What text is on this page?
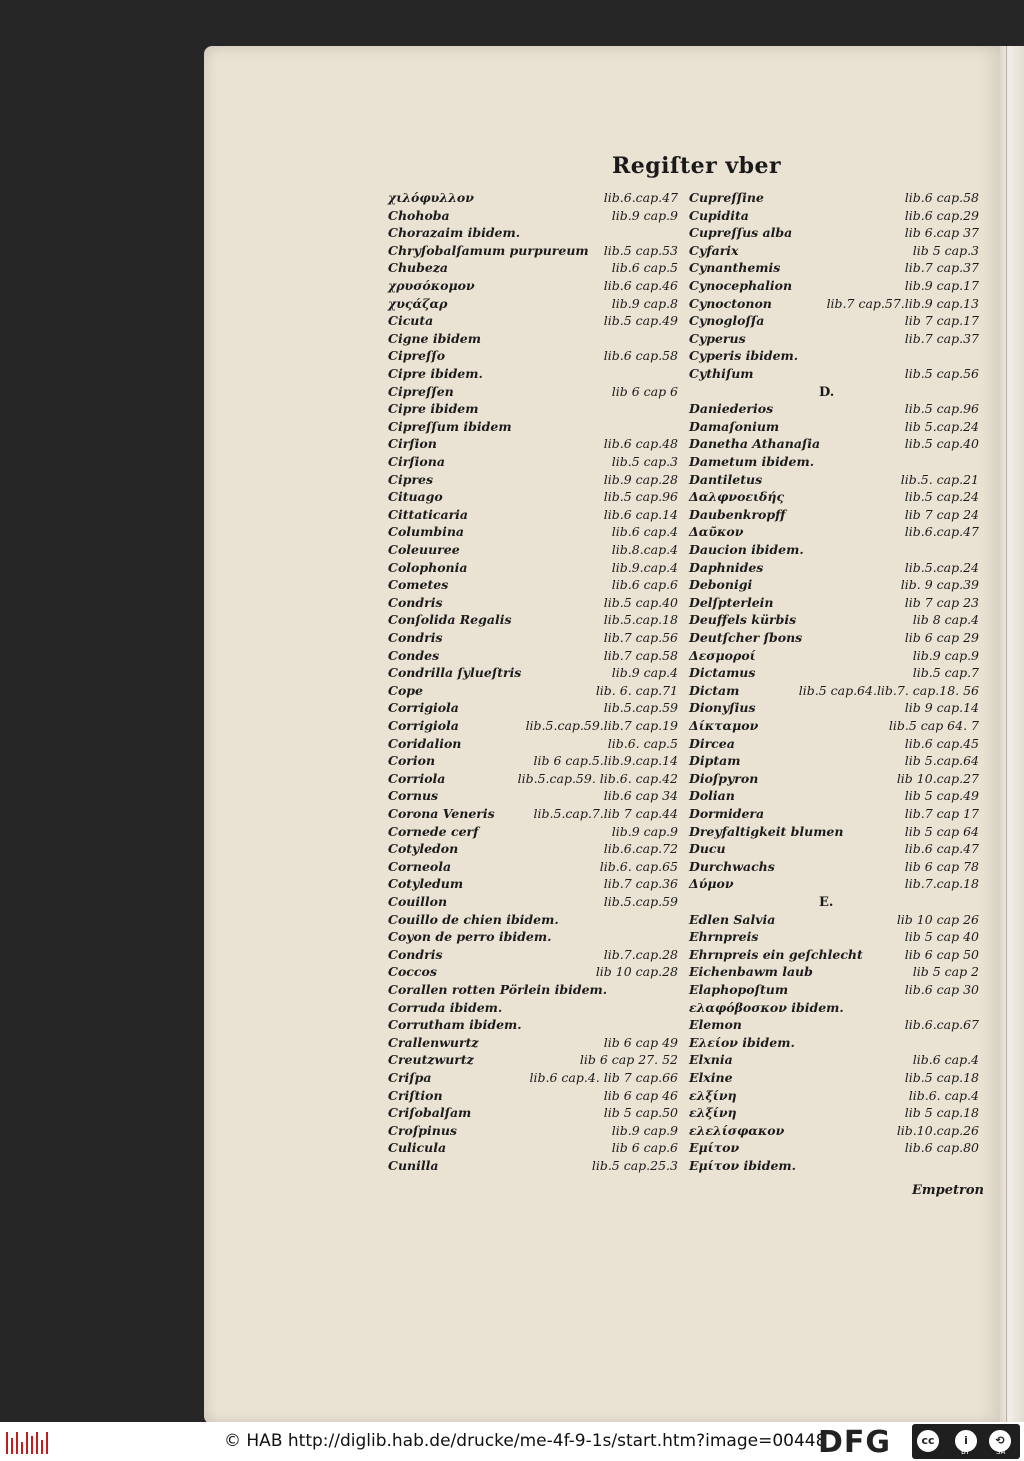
Regiſter vber
χιλόφυλλον	lib.6.cap.47
Chohoba	lib.9 cap.9
Chorazaim ibidem.
Chryſobalſamum purpureum lib.5 cap.53
Chubeza	lib.6 cap.5
χρυσόκομον	lib.6 cap.46
χυςάζαρ	lib.9 cap.8
Cicuta	lib.5 cap.49
Cigne ibidem
Cipreſſo	lib.6 cap.58
Cipre ibidem.
Cipreſſen	lib 6 cap 6
Cipre ibidem
Cipreſſum ibidem
Cirſion	lib.6 cap.48
Cirſiona	lib.5 cap.3
Cipres	lib.9 cap.28
Cituago	lib.5 cap.96
Cittaticaria	lib.6 cap.14
Columbina	lib.6 cap.4
Coleuuree	lib.8.cap.4
Colophonia	lib.9.cap.4
Cometes	lib.6 cap.6
Condris	lib.5 cap.40
Conſolida Regalis	lib.5.cap.18
Condris	lib.7 cap.56
Condes	lib.7 cap.58
Condrilla ſylueſtris	lib.9 cap.4
Cope	lib. 6. cap.71
Corrigiola	lib.5.cap.59
Corrigiola	lib.5.cap.59.lib.7 cap.19
Coridalion	lib.6. cap.5
Corion	lib 6 cap.5.lib.9.cap.14
Corriola	lib.5.cap.59. lib.6. cap.42
Cornus	lib.6 cap 34
Corona Veneris	lib.5.cap.7.lib 7 cap.44
Cornede cerf	lib.9 cap.9
Cotyledon	lib.6.cap.72
Corneola	lib.6. cap.65
Cotyledum	lib.7 cap.36
Couillon	lib.5.cap.59
Couillo de chien ibidem.
Coyon de perro ibidem.
Condris	lib.7.cap.28
Coccos	lib 10 cap.28
Corallen rotten Pörlein ibidem.
Corruda ibidem.
Corrutham ibidem.
Crallenwurtz	lib 6 cap 49
Creutzwurtz	lib 6 cap 27. 52
Criſpa	lib.6 cap.4. lib 7 cap.66
Criſtion	lib 6 cap 46
Criſobalſam	lib 5 cap.50
Croſpinus	lib.9 cap.9
Culicula	lib 6 cap.6
Cunilla	lib.5 cap.25.3
Cupreſſine	lib.6 cap.58
Cupidita	lib.6 cap.29
Cupreſſus alba	lib 6.cap 37
Cyfarix	lib 5 cap.3
Cynanthemis	lib.7 cap.37
Cynocephalion	lib.9 cap.17
Cynoctonon	lib.7 cap.57.lib.9 cap.13
Cynogloſſa	lib 7 cap.17
Cyperus	lib.7 cap.37
Cyperis ibidem.
Cythiſum	lib.5 cap.56
D.
Daniederios	lib.5 cap.96
Damaſonium	lib 5.cap.24
Danetha Athanaſia	lib.5 cap.40
Dametum ibidem.
Dantiletus	lib.5. cap.21
Δαλφνοειδής	lib.5 cap.24
Daubenkropff	lib 7 cap 24
Δαῦκον	lib.6.cap.47
Daucion ibidem.
Daphnides	lib.5.cap.24
Debonigi	lib. 9 cap.39
Delſpterlein	lib 7 cap 23
Deuffels kürbis	lib 8 cap.4
Deutſcher ſbons	lib 6 cap 29
Δεσμοροί	lib.9 cap.9
Dictamus	lib.5 cap.7
Dictam	lib.5 cap.64.lib.7. cap.18. 56
Dionyſius	lib 9 cap.14
Δίκταμον	lib.5 cap 64. 7
Dircea	lib.6 cap.45
Diptam	lib 5.cap.64
Dioſpyron	lib 10.cap.27
Dolian	lib 5 cap.49
Dormidera	lib.7 cap 17
Dreyfaltigkeit blumen	lib 5 cap 64
Ducu	lib.6 cap.47
Durchwachs	lib 6 cap 78
Δύμον	lib.7.cap.18
E.
Edlen Salvia	lib 10 cap 26
Ehrnpreis	lib 5 cap 40
Ehrnpreis ein geſchlecht	lib 6 cap 50
Eichenbawm laub	lib 5 cap 2
Elaphopoſtum	lib.6 cap 30
ελαφόβοσκον ibidem.
Elemon	lib.6.cap.67
Ελείον ibidem.
Elxnia	lib.6 cap.4
Elxine	lib.5 cap.18
ελξίνη	lib.6. cap.4
ελξίνη	lib 5 cap.18
ελελίσφακον	lib.10.cap.26
Εμίτον	lib.6 cap.80
Εμίτον ibidem.
Empetron
© HAB http://diglib.hab.de/drucke/me-4f-9-1s/start.htm?image=00448
DFG	cc	i	⟲
BY	SA
